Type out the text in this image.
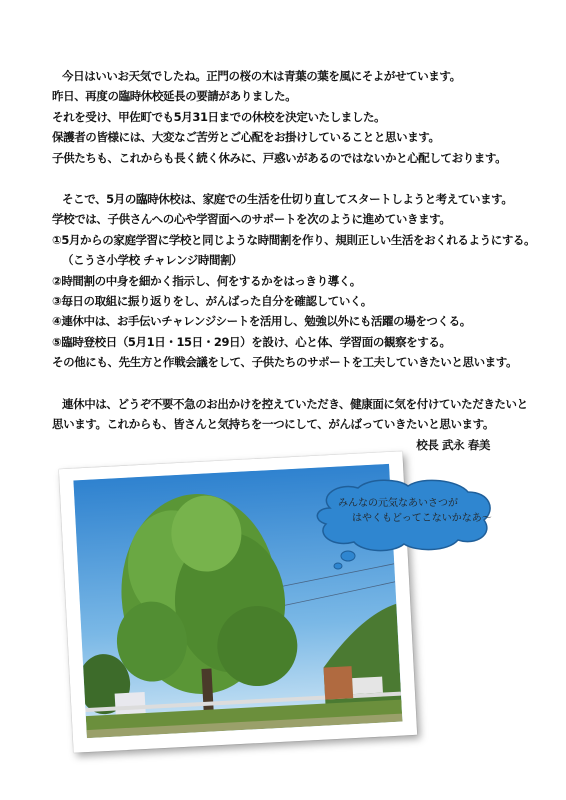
今日はいいお天気でしたね。正門の桜の木は青葉の葉を風にそよがせています。
昨日、再度の臨時休校延長の要請がありました。
それを受け、甲佐町でも5月31日までの休校を決定いたしました。
保護者の皆様には、大変なご苦労とご心配をお掛けしていることと思います。
子供たちも、これからも長く続く休みに、戸惑いがあるのではないかと心配しております。
そこで、5月の臨時休校は、家庭での生活を仕切り直してスタートしようと考えています。
学校では、子供さんへの心や学習面へのサポートを次のように進めていきます。
①5月からの家庭学習に学校と同じような時間割を作り、規則正しい生活をおくれるようにする。
（こうさ小学校 チャレンジ時間割）
②時間割の中身を細かく指示し、何をするかをはっきり導く。
③毎日の取組に振り返りをし、がんばった自分を確認していく。
④連休中は、お手伝いチャレンジシートを活用し、勉強以外にも活躍の場をつくる。
⑤臨時登校日（5月1日・15日・29日）を設け、心と体、学習面の観察をする。
その他にも、先生方と作戦会議をして、子供たちのサポートを工夫していきたいと思います。
連休中は、どうぞ不要不急のお出かけを控えていただき、健康面に気を付けていただきたいと
思います。これからも、皆さんと気持ちを一つにして、がんばっていきたいと思います。
校長 武永 春美
みんなの元気なあいさつが
はやくもどってこないかなあ～
